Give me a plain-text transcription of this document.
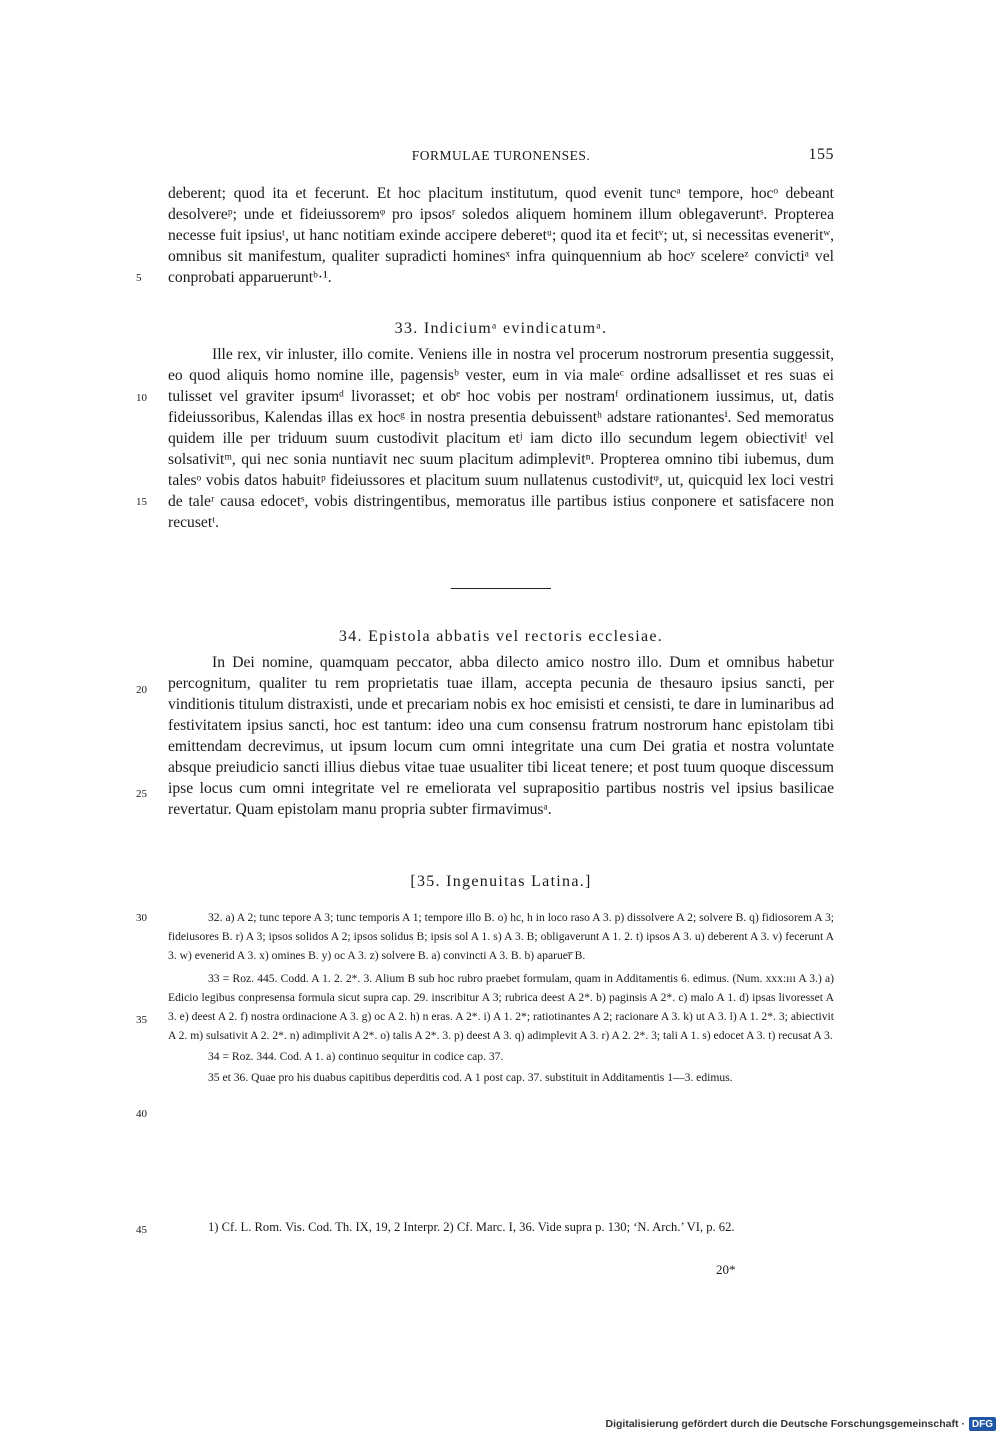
FORMULAE TURONENSES.	155
5
10
15
20
25
30
35
40
45

deberent; quod ita et fecerunt. Et hoc placitum institutum, quod evenit tuncᵃ tempore, hocᵒ debeant desolvereᵖ; unde et fideiussoremᵠ pro ipsosʳ soledos aliquem hominem illum oblegaveruntˢ. Propterea necesse fuit ipsiusᵗ, ut hanc notitiam exinde accipere deberetᵘ; quod ita et fecitᵛ; ut, si necessitas eveneritʷ, omnibus sit manifestum, qualiter supradicti hominesˣ infra quinquennium ab hocʸ scelereᶻ convictiᵃ vel conprobati apparueruntᵇ·¹.

33. Indiciumᵃ evindicatumᵃ.

Ille rex, vir inluster, illo comite. Veniens ille in nostra vel procerum nostrorum presentia suggessit, eo quod aliquis homo nomine ille, pagensisᵇ vester, eum in via maleᶜ ordine adsallisset et res suas ei tulisset vel graviter ipsumᵈ livorasset; et obᵉ hoc vobis per nostramᶠ ordinationem iussimus, ut, datis fideiussoribus, Kalendas illas ex hocᵍ in nostra presentia debuissentʰ adstare rationantesⁱ. Sed memoratus quidem ille per triduum suum custodivit placitum etʲ iam dicto illo secundum legem obiectivitˡ vel solsativitᵐ, qui nec sonia nuntiavit nec suum placitum adimplevitⁿ. Propterea omnino tibi iubemus, dum talesᵒ vobis datos habuitᵖ fideiussores et placitum suum nullatenus custodivitᵠ, ut, quicquid lex loci vestri de taleʳ causa edocetˢ, vobis distringentibus, memoratus ille partibus istius conponere et satisfacere non recusetᵗ.

34. Epistola abbatis vel rectoris ecclesiae.

In Dei nomine, quamquam peccator, abba dilecto amico nostro illo. Dum et omnibus habetur percognitum, qualiter tu rem proprietatis tuae illam, accepta pecunia de thesauro ipsius sancti, per vinditionis titulum distraxisti, unde et precariam nobis ex hoc emisisti et censisti, te dare in luminaribus ad festivitatem ipsius sancti, hoc est tantum: ideo una cum consensu fratrum nostrorum hanc epistolam tibi emittendam decrevimus, ut ipsum locum cum omni integritate una cum Dei gratia et nostra voluntate absque preiudicio sancti illius diebus vitae tuae usualiter tibi liceat tenere; et post tuum quoque discessum ipse locus cum omni integritate vel re emeliorata vel suprapositio partibus nostris vel ipsius basilicae revertatur. Quam epistolam manu propria subter firmavimusᵃ.

[35. Ingenuitas Latina.]

32. a) A 2; tunc tepore A 3; tunc temporis A 1; tempore illo B. o) hc, h in loco raso A 3. p) dissolvere A 2; solvere B. q) fidiosorem A 3; fideiusores B. r) A 3; ipsos solidos A 2; ipsos solidus B; ipsis sol A 1. s) A 3. B; obligaverunt A 1. 2. t) ipsos A 3. u) deberent A 3. v) fecerunt A 3. w) evenerid A 3. x) omines B. y) oc A 3. z) solvere B. a) convincti A 3. B. b) aparuer̅ B.

33 = Roz. 445. Codd. A 1. 2. 2*. 3. Alium B sub hoc rubro praebet formulam, quam in Additamentis 6. edimus. (Num. xxx:ııı A 3.) a) Edicio legibus conpresensa formula sicut supra cap. 29. inscribitur A 3; rubrica deest A 2*. b) paginsis A 2*. c) malo A 1. d) ipsas livoresset A 3. e) deest A 2. f) nostra ordinacione A 3. g) oc A 2. h) n eras. A 2*. i) A 1. 2*; ratiotinantes A 2; racionare A 3. k) ut A 3. l) A 1. 2*. 3; abiectivit A 2. m) sulsativit A 2. 2*. n) adimplivit A 2*. o) talis A 2*. 3. p) deest A 3. q) adimplevit A 3. r) A 2. 2*. 3; tali A 1. s) edocet A 3. t) recusat A 3.

34 = Roz. 344. Cod. A 1. a) continuo sequitur in codice cap. 37.

35 et 36. Quae pro his duabus capitibus deperditis cod. A 1 post cap. 37. substituit in Additamentis 1—3. edimus.

1) Cf. L. Rom. Vis. Cod. Th. IX, 19, 2 Interpr. 2) Cf. Marc. I, 36. Vide supra p. 130; ‘N. Arch.’ VI, p. 62.

20*
Digitalisierung gefördert durch die Deutsche Forschungsgemeinschaft · DFG
